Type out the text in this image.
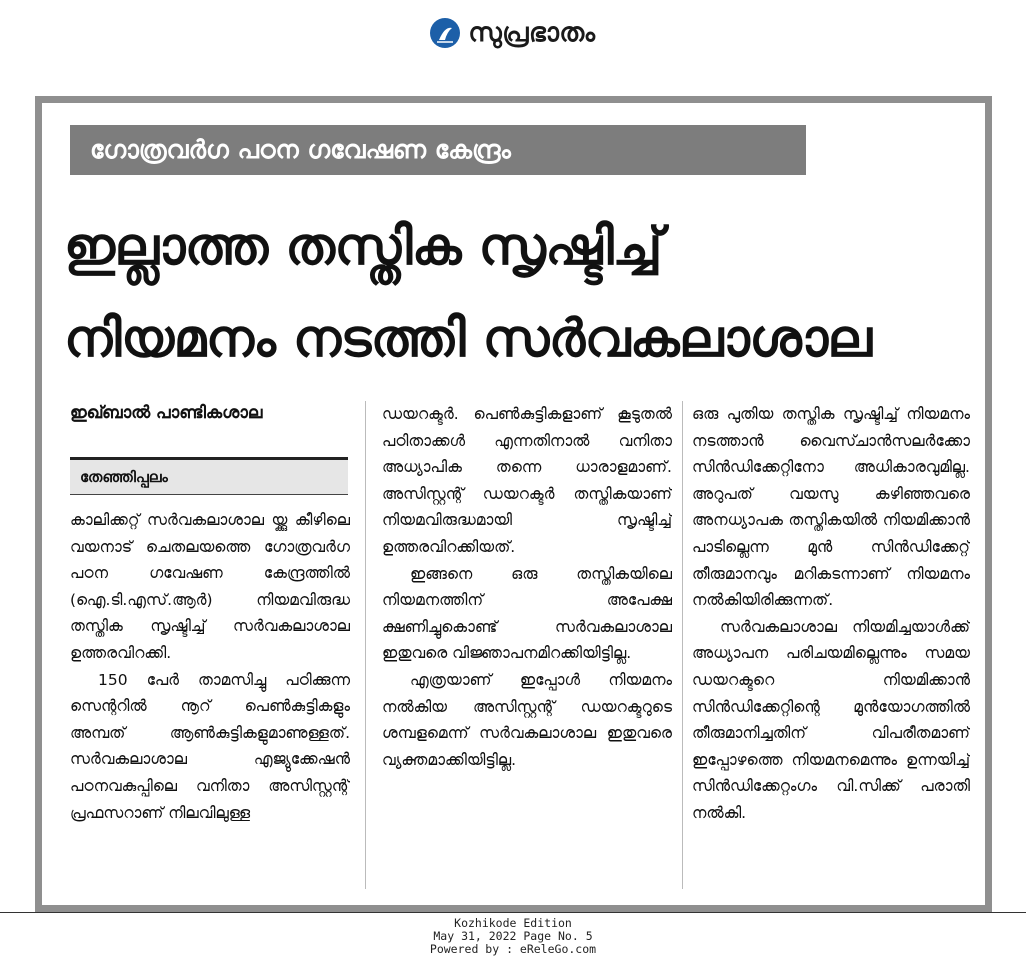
സുപ്രഭാതം
ഗോത്രവർഗ പഠന ഗവേഷണ കേന്ദ്രം
ഇല്ലാത്ത തസ്തിക സൃഷ്ടിച്ച്
നിയമനം നടത്തി സർവകലാശാല
ഇഖ്ബാൽ പാണ്ടികശാല
തേഞ്ഞിപ്പലം

കാലിക്കറ്റ് സർവകലാശാല യ്ക്കു കീഴിലെ വയനാട് ചെതലയത്തെ ഗോത്രവർഗ പഠന ഗവേഷണ കേന്ദ്രത്തിൽ (ഐ.ടി.എസ്.ആർ) നിയമവിരുദ്ധ തസ്തിക സൃഷ്ടിച്ച് സർവകലാശാല ഉത്തരവിറക്കി.

150 പേർ താമസിച്ചു പഠിക്കുന്ന സെന്ററിൽ നൂറ് പെൺകുട്ടികളും അമ്പത് ആൺകുട്ടികളുമാണുള്ളത്. സർവകലാശാല എജ്യുക്കേഷൻ പഠനവകുപ്പിലെ വനിതാ അസിസ്റ്റന്റ് പ്രഫസറാണ് നിലവിലുള്ള

ഡയറക്ടർ. പെൺകുട്ടികളാണ് കൂടുതൽ പഠിതാക്കൾ എന്നതിനാൽ വനിതാ അധ്യാപിക തന്നെ ധാരാളമാണ്. അസിസ്റ്റന്റ് ഡയറക്ടർ തസ്തികയാണ് നിയമവിരുദ്ധമായി സൃഷ്ടിച്ച് ഉത്തരവിറക്കിയത്.

ഇങ്ങനെ ഒരു തസ്തികയിലെ നിയമനത്തിന് അപേക്ഷ ക്ഷണിച്ചുകൊണ്ട് സർവകലാശാല ഇതുവരെ വിജ്ഞാപനമിറക്കിയിട്ടില്ല.

എത്രയാണ് ഇപ്പോൾ നിയമനം നൽകിയ അസിസ്റ്റന്റ് ഡയറക്ടറുടെ ശമ്പളമെന്ന് സർവകലാശാല ഇതുവരെ വ്യക്തമാക്കിയിട്ടില്ല.

ഒരു പുതിയ തസ്തിക സൃഷ്ടിച്ച് നിയമനം നടത്താൻ വൈസ്ചാൻസലർക്കോ സിൻഡിക്കേറ്റിനോ അധികാരവുമില്ല. അറുപത് വയസു കഴിഞ്ഞവരെ അനധ്യാപക തസ്തികയിൽ നിയമിക്കാൻ പാടില്ലെന്ന മുൻ സിൻഡിക്കേറ്റ് തീരുമാനവും മറികടന്നാണ് നിയമനം നൽകിയിരിക്കുന്നത്.

സർവകലാശാല നിയമിച്ചയാൾക്ക് അധ്യാപന പരിചയമില്ലെന്നും സമയ ഡയറക്ടറെ നിയമിക്കാൻ സിൻഡിക്കേറ്റിന്റെ മുൻയോഗത്തിൽ തീരുമാനിച്ചതിന് വിപരീതമാണ് ഇപ്പോഴത്തെ നിയമനമെന്നും ഉന്നയിച്ച് സിൻഡിക്കേറ്റംഗം വി.സിക്ക് പരാതി നൽകി.

Kozhikode Edition
May 31, 2022 Page No. 5
Powered by : eReleGo.com
